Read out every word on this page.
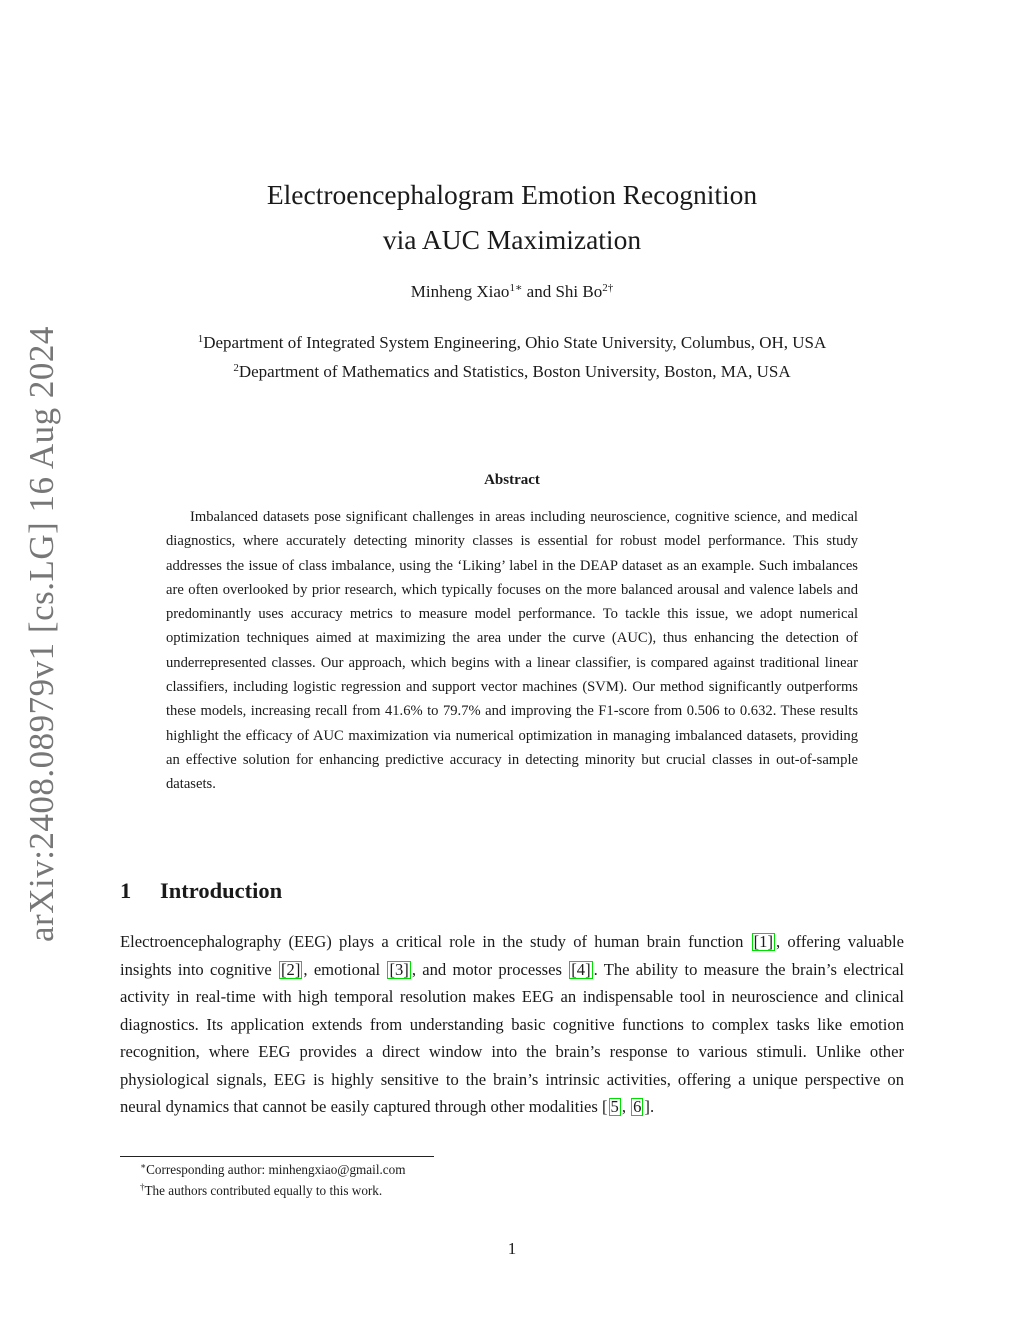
arXiv:2408.08979v1 [cs.LG] 16 Aug 2024
Electroencephalogram Emotion Recognition
via AUC Maximization
Minheng Xiao$^{1∗}$ and Shi $Bo^{2\dagger}$
$^1$Department of Integrated System Engineering, Ohio State University, Columbus, OH, USA
$^2$Department of Mathematics and Statistics, Boston University, Boston, MA, USA
Abstract

Imbalanced datasets pose significant challenges in areas including neuroscience, cognitive science, and medical diagnostics, where accurately detecting minority classes is essential for robust model performance. This study addresses the issue of class imbalance, using the ‘Liking’ label in the DEAP dataset as an example. Such imbalances are often overlooked by prior research, which typically focuses on the more balanced arousal and valence labels and predominantly uses accuracy metrics to measure model performance. To tackle this issue, we adopt numerical optimization techniques aimed at maximizing the area under the curve (AUC), thus enhancing the detection of underrepresented classes. Our approach, which begins with a linear classifier, is compared against traditional linear classifiers, including logistic regression and support vector machines (SVM). Our method significantly outperforms these models, increasing recall from 41.6% to 79.7% and improving the F1-score from 0.506 to 0.632. These results highlight the efficacy of AUC maximization via numerical optimization in managing imbalanced datasets, providing an effective solution for enhancing predictive accuracy in detecting minority but crucial classes in out-of-sample datasets.

1 Introduction

Electroencephalography (EEG) plays a critical role in the study of human brain function [1] , offering valuable insights into cognitive [2] , emotional [3] , and motor processes [4] . The ability to measure the brain’s electrical activity in real-time with high temporal resolution makes EEG an indispensable tool in neuroscience and clinical diagnostics. Its application extends from understanding basic cognitive functions to complex tasks like emotion recognition, where EEG provides a direct window into the brain’s response to various stimuli. Unlike other physiological signals, EEG is highly sensitive to the brain’s intrinsic activities, offering a unique perspective on neural dynamics that cannot be easily captured through other modalities [ 5 , 6 ].

∗Corresponding author: minhengxiao@gmail.com
†The authors contributed equally to this work.
1
